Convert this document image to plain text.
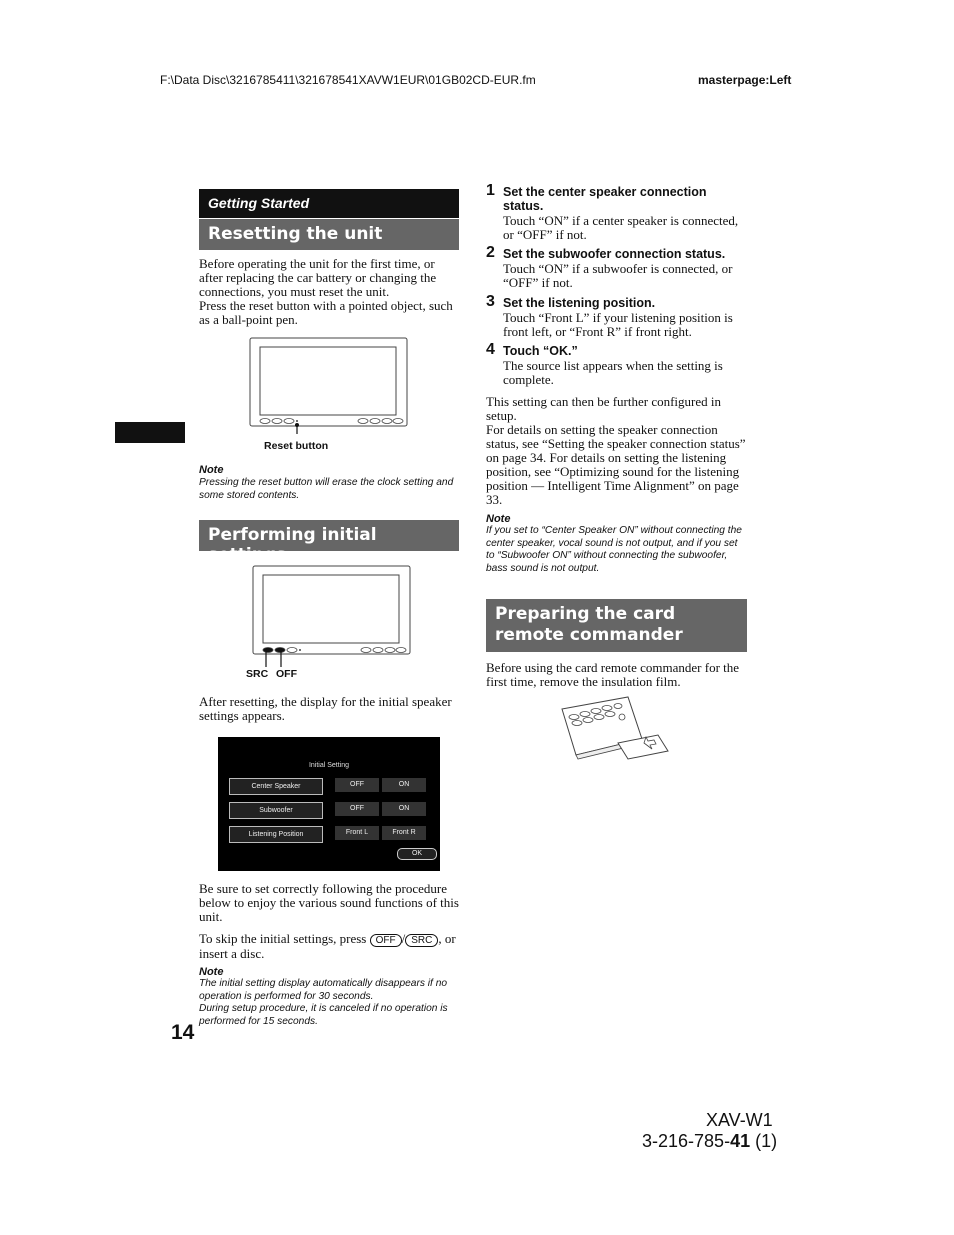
F:\Data Disc\3216785411\321678541XAVW1EUR\01GB02CD-EUR.fm	masterpage:Left
Getting Started
Resetting the unit
Before operating the unit for the first time, or after replacing the car battery or changing the connections, you must reset the unit.
Press the reset button with a pointed object, such as a ball-point pen.
Reset button
Note
Pressing the reset button will erase the clock setting and some stored contents.
Performing initial settings
SRC OFF
After resetting, the display for the initial speaker settings appears.
Initial Setting
Center Speaker	OFF	ON
Subwoofer	OFF	ON
Listening Position	Front L	Front R
OK
Be sure to set correctly following the procedure below to enjoy the various sound functions of this unit.
To skip the initial settings, press OFF / SRC , or insert a disc.
Note
The initial setting display automatically disappears if no operation is performed for 30 seconds.
During setup procedure, it is canceled if no operation is performed for 15 seconds.
14
1 Set the center speaker connection status.
Touch “ON” if a center speaker is connected, or “OFF” if not.
2 Set the subwoofer connection status.
Touch “ON” if a subwoofer is connected, or “OFF” if not.
3 Set the listening position.
Touch “Front L” if your listening position is front left, or “Front R” if front right.
4 Touch “OK.”
The source list appears when the setting is complete.
This setting can then be further configured in setup.
For details on setting the speaker connection status, see “Setting the speaker connection status” on page 34. For details on setting the listening position, see “Optimizing sound for the listening position — Intelligent Time Alignment” on page 33.
Note
If you set to “Center Speaker ON” without connecting the center speaker, vocal sound is not output, and if you set to “Subwoofer ON” without connecting the subwoofer, bass sound is not output.
Preparing the card remote commander
Before using the card remote commander for the first time, remove the insulation film.
XAV-W1
3-216-785-41 (1)
